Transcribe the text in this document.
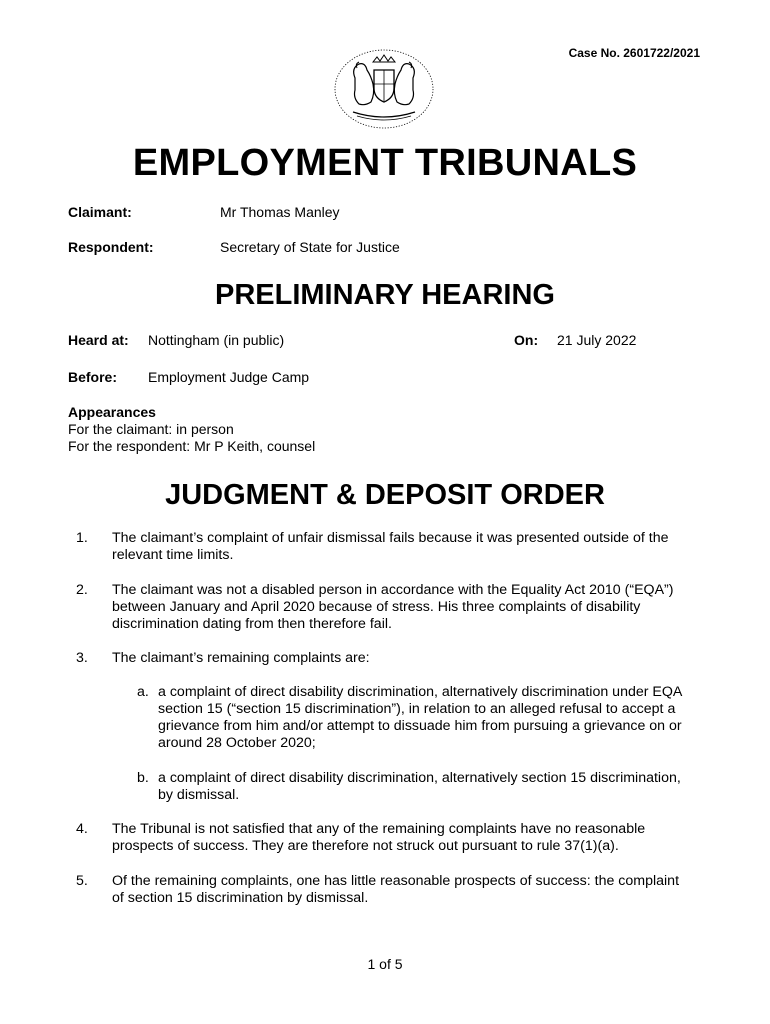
Case No. 2601722/2021
EMPLOYMENT TRIBUNALS
Claimant:	Mr Thomas Manley
Respondent:	Secretary of State for Justice
PRELIMINARY HEARING
Heard at: Nottingham (in public)	On: 21 July 2022
Before: Employment Judge Camp
Appearances
For the claimant: in person
For the respondent: Mr P Keith, counsel
JUDGMENT & DEPOSIT ORDER
1. The claimant’s complaint of unfair dismissal fails because it was presented outside of the relevant time limits.
2. The claimant was not a disabled person in accordance with the Equality Act 2010 (“EQA”) between January and April 2020 because of stress. His three complaints of disability discrimination dating from then therefore fail.
3. The claimant’s remaining complaints are:
a. a complaint of direct disability discrimination, alternatively discrimination under EQA section 15 (“section 15 discrimination”), in relation to an alleged refusal to accept a grievance from him and/or attempt to dissuade him from pursuing a grievance on or around 28 October 2020;
b. a complaint of direct disability discrimination, alternatively section 15 discrimination, by dismissal.
4. The Tribunal is not satisfied that any of the remaining complaints have no reasonable prospects of success. They are therefore not struck out pursuant to rule 37(1)(a).
5. Of the remaining complaints, one has little reasonable prospects of success: the complaint of section 15 discrimination by dismissal.
1 of 5
